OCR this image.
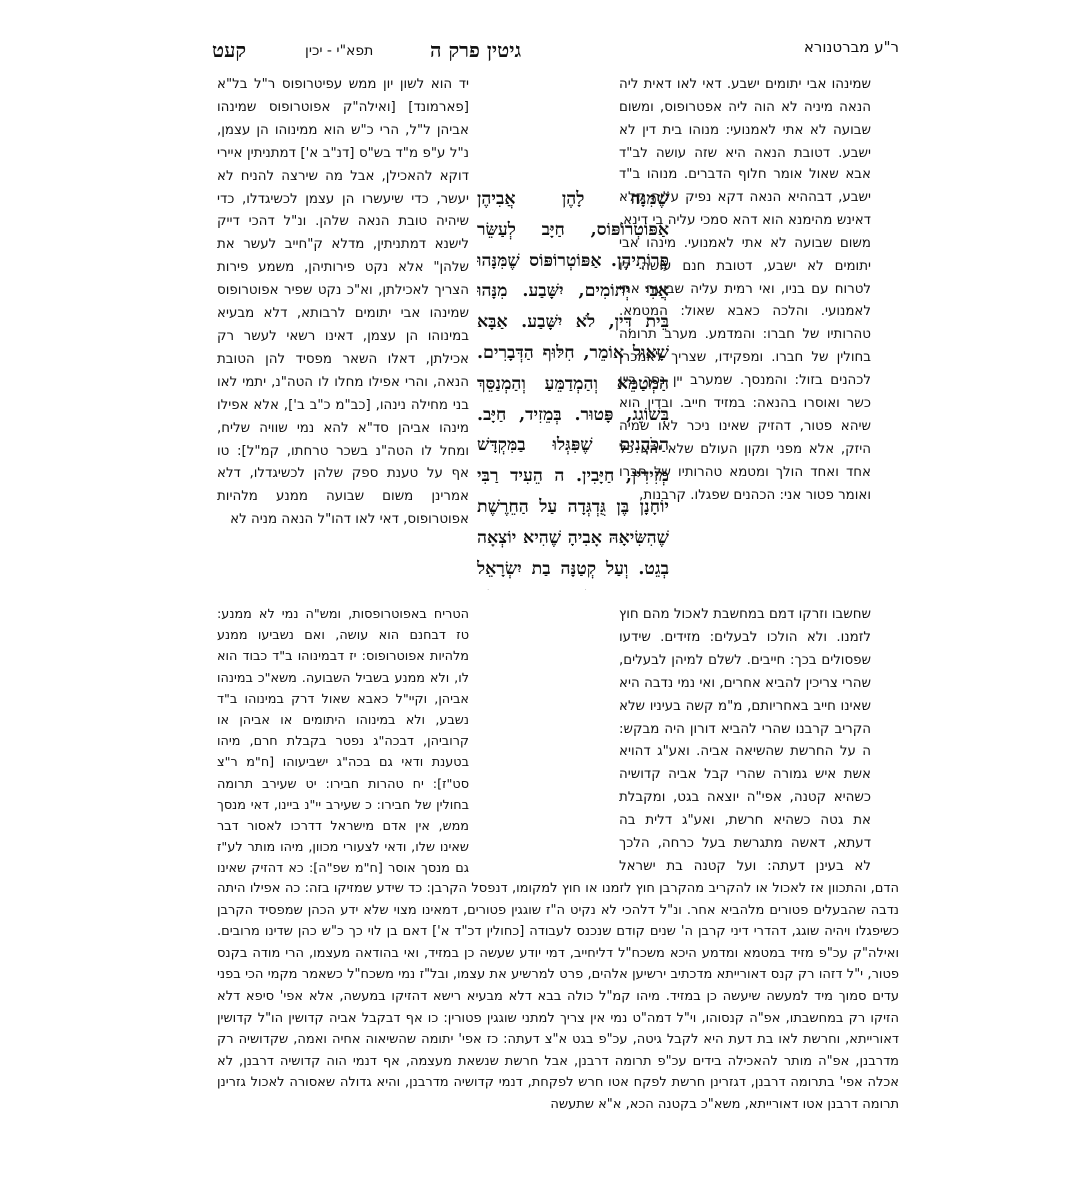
ר"ע מברטנורא
גיטין פרק ה
תפא"י - יכין
קעט

שמינהו אבי יתומים ישבע. דאי לאו דאית ליה הנאה מיניה לא הוה ליה אפטרופוס, ומשום שבועה לא אתי לאמנועי: מנוהו בית דין לא ישבע. דטובת הנאה היא שזה עושה לב"ד

אבא שאול אומר חלוף הדברים. מנוהו ב"ד ישבע, דבההיא הנאה דקא נפיק עליה קלא דאינש מהימנא הוא דהא סמכי עליה בי דינא, משום שבועה לא אתי לאמנועי. מינהו אבי יתומים לא ישבע, דטובת חנם עושה לו לטרוח עם בניו, ואי רמית עליה שבועה אתי לאמנועי. והלכה כאבא שאול: המטמא. טהרותיו של חברו: והמדמע. מערב תרומה בחולין של חברו. ומפקידו, שצריך לאמכרן לכהנים בזול: והמנסך. שמערב יין נסך ביין כשר ואוסרו בהנאה: במזיד חייב. ובדין הוא שיהא פטור, דהזיק שאינו ניכר לאו שמיה היזק, אלא מפני תקון העולם שלא יהא כל אחד ואחד הולך ומטמא טהרותיו של חברו ואומר פטור אני: הכהנים שפגלו. קרבנות,

שֶׁמִּנָּה לָהֶן אֲבִיהֶן אַפּוֹטְרוֹפּוֹס, חַיָּב לְעַשֵּׂר פֵּרוֹתֵיהֶן. אַפּוֹטְרוֹפּוֹס שֶׁמִּנָּהוּ אֲבִי יְתוֹמִים, יִשָּׁבַע. מִנָּהוּ בֵּית דִּין, לֹא יִשָּׁבַע. אַבָּא שָׁאוּל אוֹמֵר, חִלּוּף הַדְּבָרִים. הַמְטַמֵּא וְהַמְדַמֵּעַ וְהַמְנַסֵּךְ בְּשׁוֹגֵג, פָּטוּר. בְּמֵזִיד, חַיָּב. הַכֹּהֲנִים שֶׁפִּגְּלוּ בַמִּקְדָּשׁ מְזִידִין, חַיָּבִין. ה הֵעִיד רַבִּי יוֹחָנָן בֶּן גֻּדְגְּדָה עַל הַחֵרֶשֶׁת שֶׁהִשִּׂיאָהּ אָבִיהָ שֶׁהִיא יוֹצְאָה בְגֵט. וְעַל קְטַנָּה בַת יִשְׂרָאֵל

יד הוא לשון יון ממש עפיטרופוס ר"ל בל"א [פארמונד] [ואילה"ק אפוטרופוס שמינהו אביהן ל"ל, הרי כ"ש הוא ממינוהו הן עצמן, נ"ל ע"פ מ"ד בש"ס [דנ"ב א'] דמתניתין איירי דוקא להאכילן, אבל מה שירצה להניח לא יעשר, כדי שיעשרו הן עצמן לכשיגדלו, כדי שיהיה טובת הנאה שלהן. ונ"ל דהכי דייק לישנא דמתניתין, מדלא ק"חייב לעשר את שלהן" אלא נקט פירותיהן, משמע פירות הצריך לאכילתן, וא"כ נקט שפיר אפוטרופוס שמינהו אבי יתומים לרבותא, דלא מבעיא במינוהו הן עצמן, דאינו רשאי לעשר רק אכילתן, דאלו השאר מפסיד להן הטובת הנאה, והרי אפילו מחלו לו הטה"נ, יתמי לאו בני מחילה נינהו, [כב"מ כ"ב ב'], אלא אפילו מינהו אביהן סד"א להא נמי שוויה שליח, ומחל לו הטה"נ בשכר טרחתו, קמ"ל]: טו אף על טענת ספק שלהן לכשיגדלו, דלא אמרינן משום שבועה ממנע מלהיות אפוטרופוס, דאי לאו דהו"ל הנאה מניה לא

הטריח באפוטרופסות, ומש"ה נמי לא ממנע: טז דבחנם הוא עושה, ואם נשביעו ממנע מלהיות אפוטרופוס: יז דבמינוהו ב"ד כבוד הוא לו, ולא ממנע בשביל השבועה. משא"כ במינהו אביהן, וקיי"ל כאבא שאול דרק במינוהו ב"ד נשבע, ולא במינוהו היתומים או אביהן או קרוביהן, דבכה"ג נפטר בקבלת חרם, מיהו בטענת ודאי גם בכה"ג ישביעוהו [ח"מ ר"צ סט"ז]: יח טהרות חבירו: יט שעירב תרומה בחולין של חבירו: כ שעירב יי"נ ביינו, דאי מנסך ממש, אין אדם מישראל דדרכו לאסור דבר שאינו שלו, ודאי לצעורי מכוון, מיהו מותר לע"ז גם מנסך אוסר [ח"מ שפ"ה]: כא דהזיק שאינו

שחשבו וזרקו דמם במחשבת לאכול מהם חוץ לזמנו. ולא הולכו לבעלים: מזידים. שידעו שפסולים בכך: חייבים. לשלם למיהן לבעלים, שהרי צריכין להביא אחרים, ואי נמי נדבה היא שאינו חייב באחריותם, מ"מ קשה בעיניו שלא הקריב קרבנו שהרי להביא דורון היה מבקש: ה על החרשת שהשיאה אביה. ואע"ג דהויא אשת איש גמורה שהרי קבל אביה קדושיה כשהיא קטנה, אפי"ה יוצאה בגט, ומקבלת את גטה כשהיא חרשת, ואע"ג דלית בה דעתא, דאשה מתגרשת בעל כרחה, הלכך לא בעינן דעתה: ועל קטנה בת ישראל

הדם, והתכוון אז לאכול או להקריב מהקרבן חוץ לזמנו או חוץ למקומו, דנפסל הקרבן: כד שידע שמזיקו בזה: כה אפילו היתה נדבה שהבעלים פטורים מלהביא אחר. ונ"ל דלהכי לא נקיט ה"ז שוגגין פטורים, דמאינו מצוי שלא ידע הכהן שמפסיד הקרבן כשיפגלו ויהיה שוגג, דהדרי דיני קרבן ה' שנים קודם שנכנס לעבודה [כחולין דכ"ד א'] דאם בן לוי כך כ"ש כהן שדינו מרובים. ואילה"ק עכ"פ מזיד במטמא ומדמע היכא משכח"ל דליחייב, דמי יודע שעשה כן במזיד, ואי בהודאה מעצמו, הרי מודה בקנס פטור, י"ל דזהו רק קנס דאורייתא מדכתיב ירשיען אלהים, פרט למרשיע את עצמו, ובל"ז נמי משכח"ל כשאמר מקמי הכי בפני עדים סמוך מיד למעשה שיעשה כן במזיד. מיהו קמ"ל כולה בבא דלא מבעיא רישא דהזיקו במעשה, אלא אפי' סיפא דלא הזיקו רק במחשבתו, אפ"ה קנסוהו, וי"ל דמה"ט נמי אין צריך למתני שוגגין פטורין: כו אף דבקבל אביה קדושין הו"ל קדושין דאורייתא, וחרשת לאו בת דעת היא לקבל גיטה, עכ"פ בגט א"צ דעתה: כז אפי' יתומה שהשיאוה אחיה ואמה, שקדושיה רק מדרבנן, אפ"ה מותר להאכילה בידים עכ"פ תרומה דרבנן, אבל חרשת שנשאת מעצמה, אף דנמי הוה קדושיה דרבנן, לא אכלה אפי' בתרומה דרבנן, דגזרינן חרשת לפקח אטו חרש לפקחת, דנמי קדושיה מדרבנן, והיא גדולה שאסורה לאכול גזרינן תרומה דרבנן אטו דאורייתא, משא"כ בקטנה הכא, א"א שתעשה
